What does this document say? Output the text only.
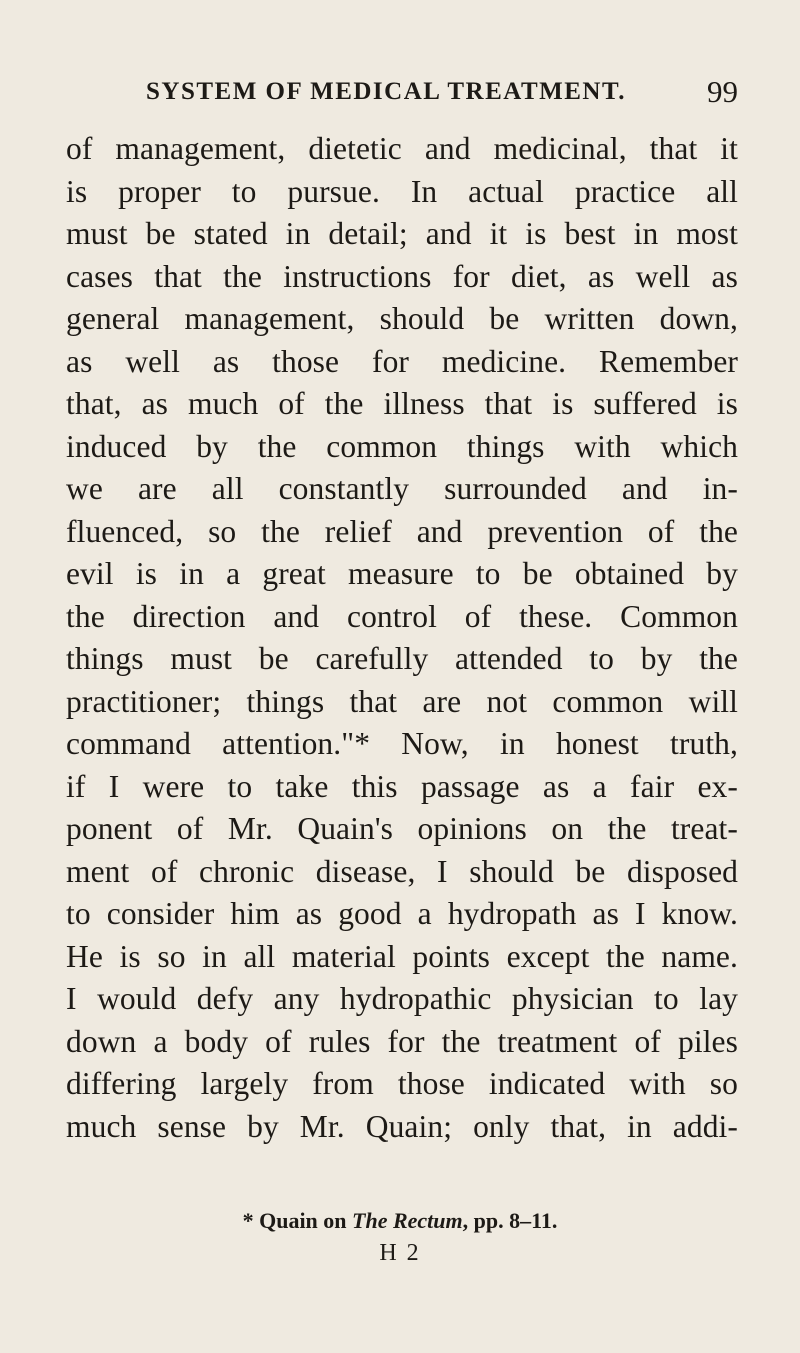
SYSTEM OF MEDICAL TREATMENT.	99
of management, dietetic and medicinal, that it
is proper to pursue. In actual practice all
must be stated in detail; and it is best in most
cases that the instructions for diet, as well as
general management, should be written down,
as well as those for medicine. Remember
that, as much of the illness that is suffered is
induced by the common things with which
we are all constantly surrounded and in-
fluenced, so the relief and prevention of the
evil is in a great measure to be obtained by
the direction and control of these. Common
things must be carefully attended to by the
practitioner; things that are not common will
command attention."* Now, in honest truth,
if I were to take this passage as a fair ex-
ponent of Mr. Quain's opinions on the treat-
ment of chronic disease, I should be disposed
to consider him as good a hydropath as I know.
He is so in all material points except the name.
I would defy any hydropathic physician to lay
down a body of rules for the treatment of piles
differing largely from those indicated with so
much sense by Mr. Quain; only that, in addi-
* Quain on The Rectum, pp. 8–11.
H 2
